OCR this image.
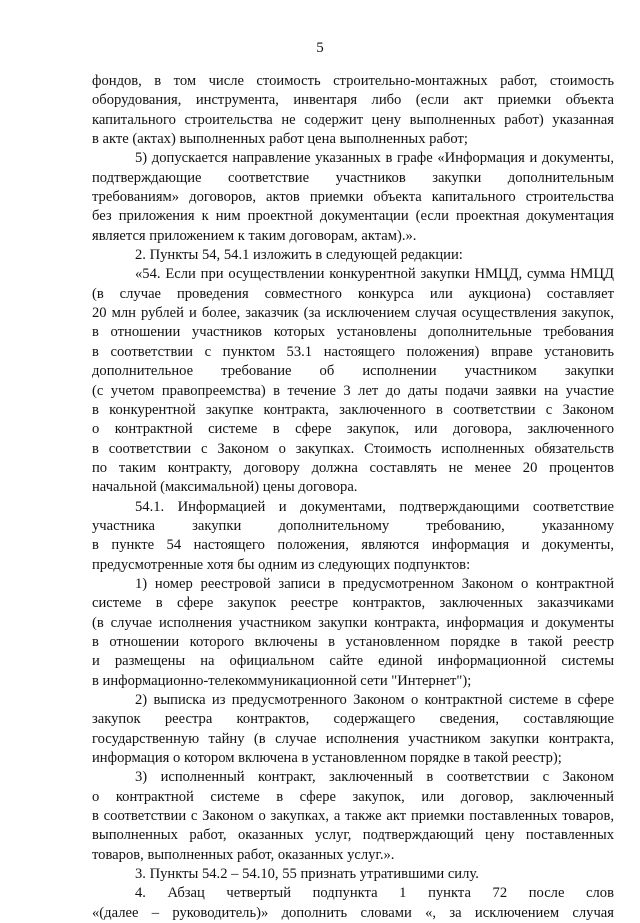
5
фондов, в том числе стоимость строительно-монтажных работ, стоимость
оборудования, инструмента, инвентаря либо (если акт приемки объекта
капитального строительства не содержит цену выполненных работ) указанная
в акте (актах) выполненных работ цена выполненных работ;
5) допускается направление указанных в графе «Информация и документы,
подтверждающие соответствие участников закупки дополнительным
требованиям» договоров, актов приемки объекта капитального строительства
без приложения к ним проектной документации (если проектная документация
является приложением к таким договорам, актам).».
2. Пункты 54, 54.1 изложить в следующей редакции:
«54. Если при осуществлении конкурентной закупки НМЦД, сумма НМЦД
(в случае проведения совместного конкурса или аукциона) составляет
20 млн рублей и более, заказчик (за исключением случая осуществления закупок,
в отношении участников которых установлены дополнительные требования
в соответствии с пунктом 53.1 настоящего положения) вправе установить
дополнительное требование об исполнении участником закупки
(с учетом правопреемства) в течение 3 лет до даты подачи заявки на участие
в конкурентной закупке контракта, заключенного в соответствии с Законом
о контрактной системе в сфере закупок, или договора, заключенного
в соответствии с Законом о закупках. Стоимость исполненных обязательств
по таким контракту, договору должна составлять не менее 20 процентов
начальной (максимальной) цены договора.
54.1. Информацией и документами, подтверждающими соответствие
участника закупки дополнительному требованию, указанному
в пункте 54 настоящего положения, являются информация и документы,
предусмотренные хотя бы одним из следующих подпунктов:
1) номер реестровой записи в предусмотренном Законом о контрактной
системе в сфере закупок реестре контрактов, заключенных заказчиками
(в случае исполнения участником закупки контракта, информация и документы
в отношении которого включены в установленном порядке в такой реестр
и размещены на официальном сайте единой информационной системы
в информационно-телекоммуникационной сети "Интернет");
2) выписка из предусмотренного Законом о контрактной системе в сфере
закупок реестра контрактов, содержащего сведения, составляющие
государственную тайну (в случае исполнения участником закупки контракта,
информация о котором включена в установленном порядке в такой реестр);
3) исполненный контракт, заключенный в соответствии с Законом
о контрактной системе в сфере закупок, или договор, заключенный
в соответствии с Законом о закупках, а также акт приемки поставленных товаров,
выполненных работ, оказанных услуг, подтверждающий цену поставленных
товаров, выполненных работ, оказанных услуг.».
3. Пункты 54.2 – 54.10, 55 признать утратившими силу.
4. Абзац четвертый подпункта 1 пункта 72 после слов
«(далее – руководитель)» дополнить словами «, за исключением случая
